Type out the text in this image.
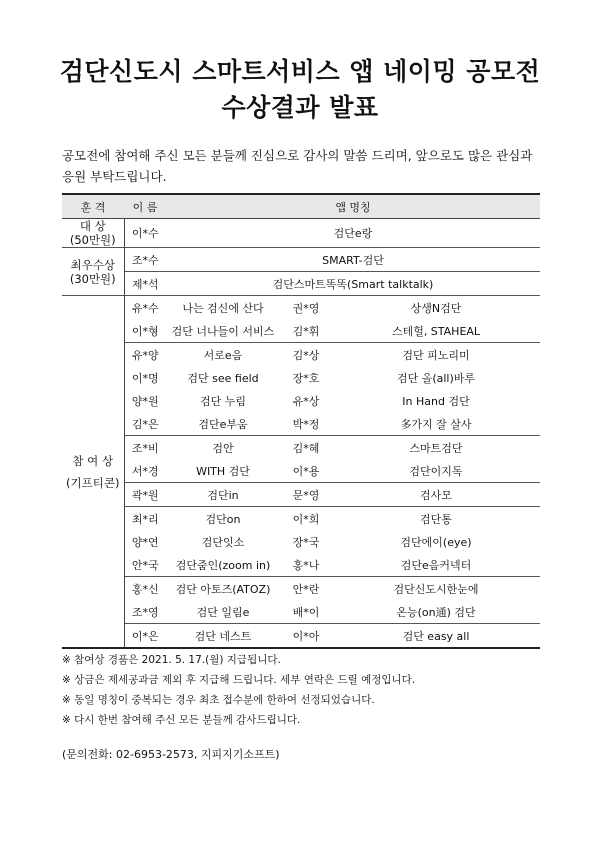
검단신도시 스마트서비스 앱 네이밍 공모전
수상결과 발표
공모전에 참여해 주신 모든 분들께 진심으로 감사의 말씀 드리며, 앞으로도 많은 관심과 응원 부탁드립니다.
훈 격	이 름	앱 명칭		

대 상
(50만원)	이*수	검단e랑		

최우수상
(30만원)	조*수	SMART-검단		
	제*석	검단스마트똑똑(Smart talktalk)		

참 여 상
(기프티콘)	유*수	나는 검신에 산다	권*영	상생N검단
	이*형	검단 너나들이 서비스	김*휘	스테헐, STAHEAL
	유*양	서로e음	김*상	검단 피노리미
	이*명	검단 see field	장*호	검단 올(all)바루
	양*원	검단 누림	유*상	In Hand 검단
	김*은	검단e부움	박*정	多가지 잘 살사
	조*비	검안	김*혜	스마트검단
	서*경	WITH 검단	이*용	검단이지독
	곽*원	검단in	문*영	검사모
	최*리	검단on	이*희	검단통
	양*연	검단잇소	장*국	검단에이(eye)
	안*국	검단줌인(zoom in)	홍*나	검단e음커넥터
	홍*신	검단 아토즈(ATOZ)	안*란	검단신도시한눈에
	조*영	검단 일림e	배*이	온능(on通) 검단
	이*은	검단 네스트	이*아	검단 easy all
※ 참여상 경품은 2021. 5. 17.(월) 지급됩니다.
※ 상금은 제세공과금 제외 후 지급해 드립니다. 세부 연락은 드릴 예정입니다.
※ 동일 명칭이 중복되는 경우 최초 접수분에 한하여 선정되었습니다.
※ 다시 한번 참여해 주신 모든 분들께 감사드립니다.
(문의전화: 02-6953-2573, 지피지기소프트)
